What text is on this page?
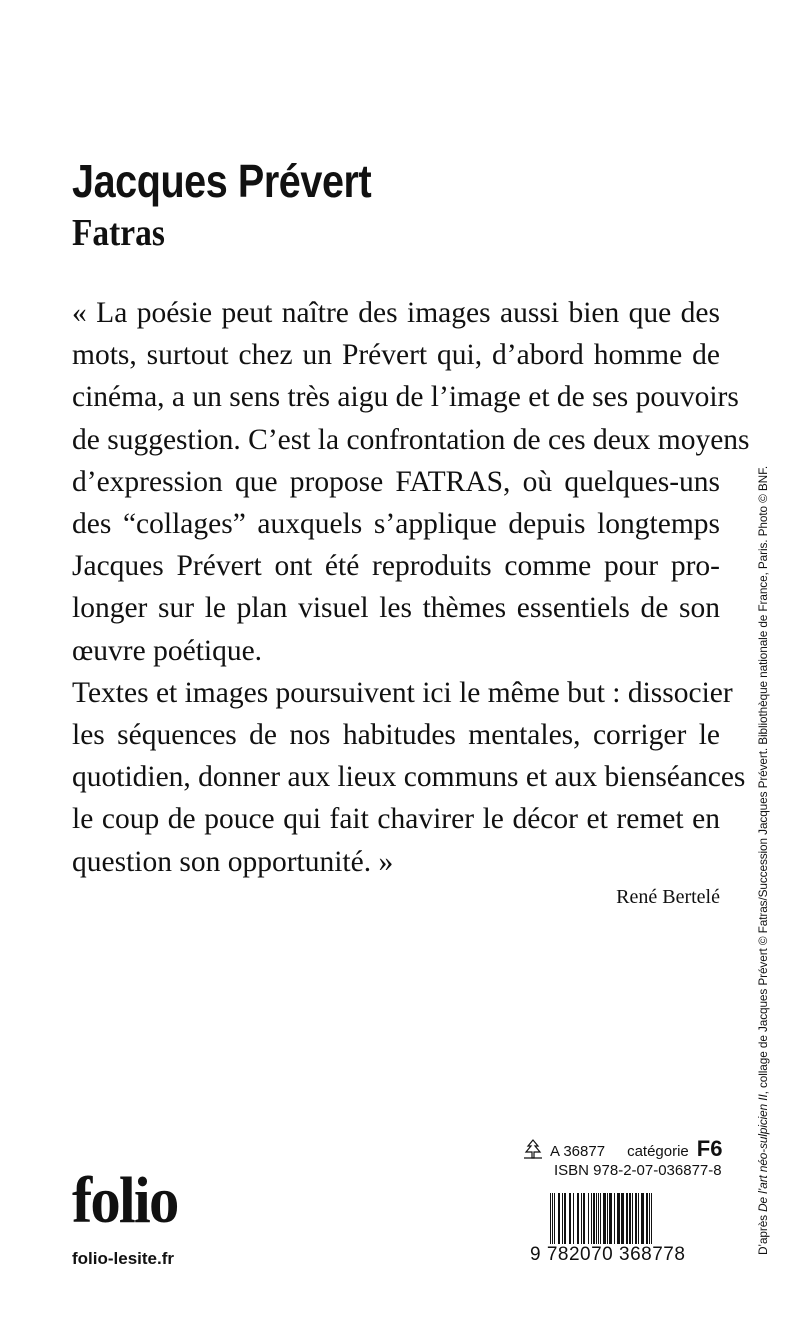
Jacques Prévert
Fatras

« La poésie peut naître des images aussi bien que des
mots, surtout chez un Prévert qui, d’abord homme de
cinéma, a un sens très aigu de l’image et de ses pouvoirs
de suggestion. C’est la confrontation de ces deux moyens
d’expression que propose FATRAS, où quelques-uns
des “collages” auxquels s’applique depuis longtemps
Jacques Prévert ont été reproduits comme pour pro-
longer sur le plan visuel les thèmes essentiels de son
œuvre poétique.

Textes et images poursuivent ici le même but : dissocier
les séquences de nos habitudes mentales, corriger le
quotidien, donner aux lieux communs et aux bienséances
le coup de pouce qui fait chavirer le décor et remet en
question son opportunité. »

René Bertelé

D’après De l’art néo-sulpicien II, collage de Jacques Prévert © Fatras/Succession Jacques Prévert. Bibliothèque nationale de France, Paris. Photo © BNF.

folio

folio-lesite.fr

A 36877 catégorie F6
ISBN 978-2-07-036877-8
9 782070 368778
